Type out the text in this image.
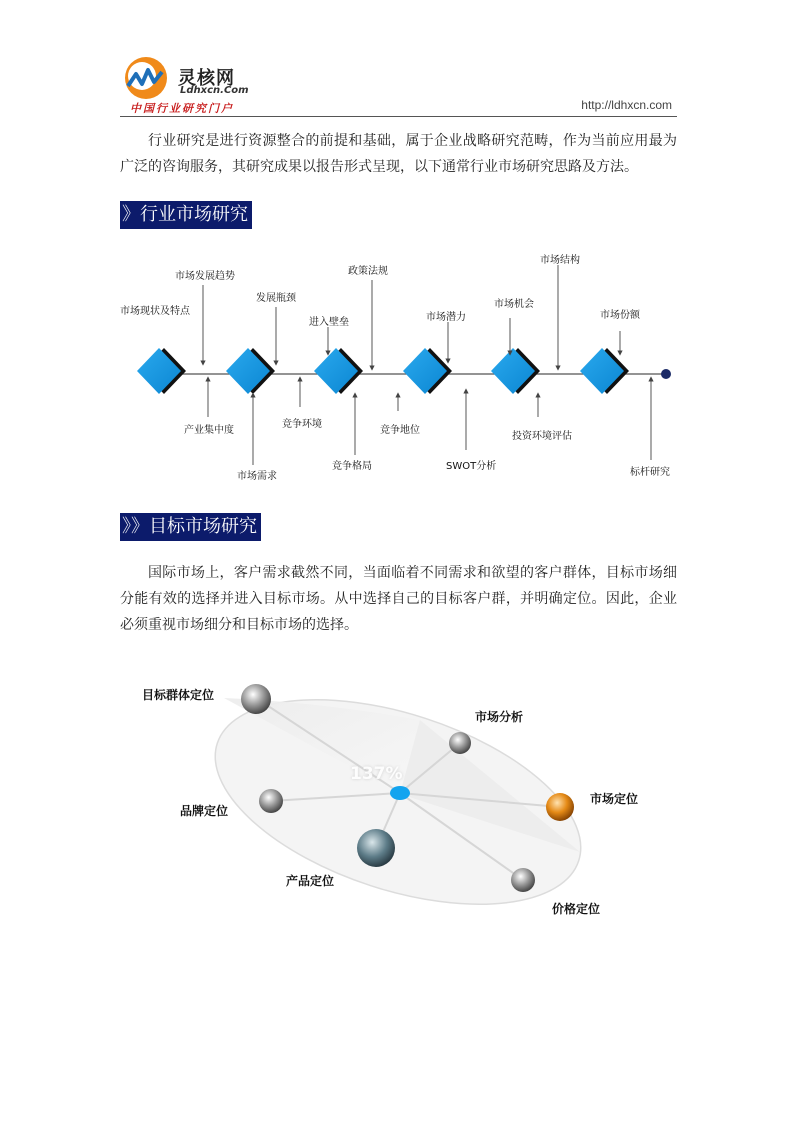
灵核网
Ldhxcn.Com
中国行业研究门户	http://ldhxcn.com
行业研究是进行资源整合的前提和基础，属于企业战略研究范畴，作为当前应用最为广泛的咨询服务，其研究成果以报告形式呈现，以下通常行业市场研究思路及方法。
》行业市场研究
市场现状及特点
市场发展趋势
发展瓶颈
进入壁垒
政策法规
市场潜力
市场机会
市场结构
市场份额
产业集中度
市场需求
竞争环境
竞争格局
竞争地位
SWOT分析
投资环境评估
标杆研究
》》目标市场研究
国际市场上，客户需求截然不同，当面临着不同需求和欲望的客户群体，目标市场细分能有效的选择并进入目标市场。从中选择自己的目标客户群，并明确定位。因此，企业必须重视市场细分和目标市场的选择。
137%
目标群体定位
市场分析
品牌定位
市场定位
产品定位
价格定位
